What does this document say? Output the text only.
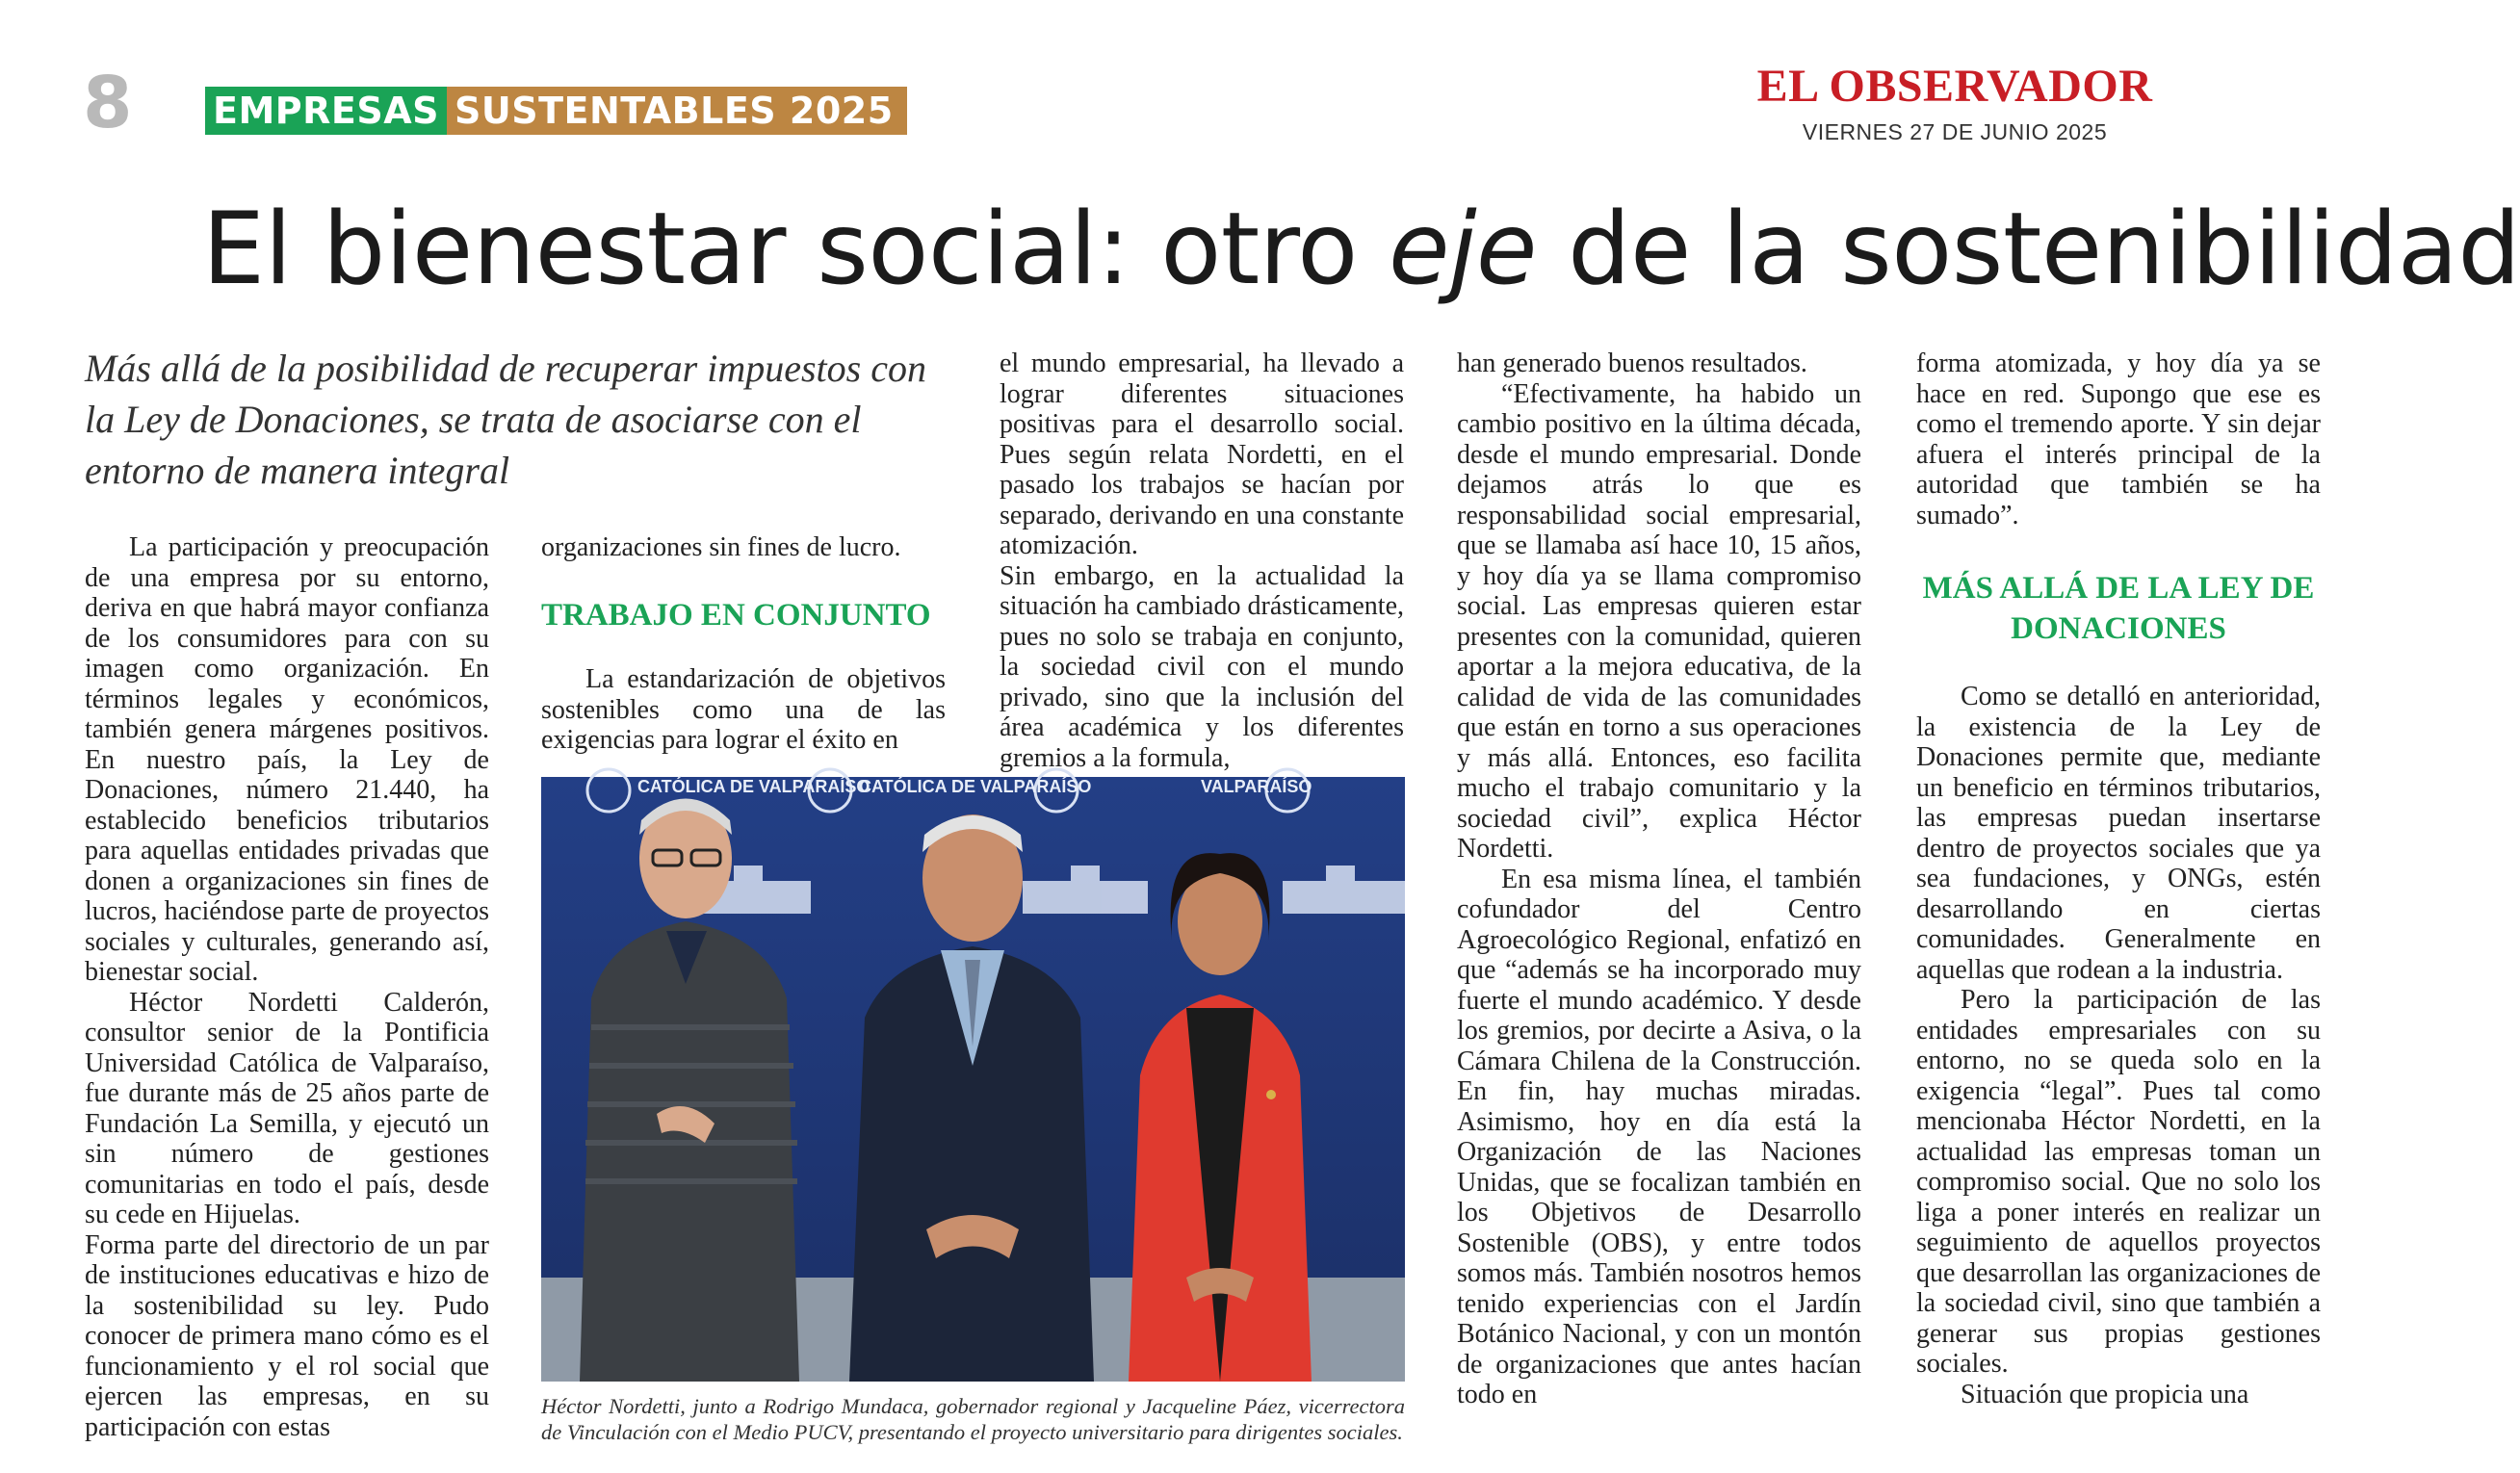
8 EMPRESAS SUSTENTABLES 2025	EL OBSERVADOR
VIERNES 27 DE JUNIO 2025
El bienestar social: otro eje de la sostenibilidad
Más allá de la posibilidad de recuperar impuestos con la Ley de Donaciones, se trata de asociarse con el entorno de manera integral

La participación y preocupación de una empresa por su entorno, deriva en que habrá mayor confianza de los consumidores para con su imagen como organización. En términos legales y económicos, también genera márgenes positivos. En nuestro país, la Ley de Donaciones, número 21.440, ha establecido beneficios tributarios para aquellas entidades privadas que donen a organizaciones sin fines de lucros, haciéndose parte de proyectos sociales y culturales, generando así, bienestar social.

Héctor Nordetti Calderón, consultor senior de la Pontificia Universidad Católica de Valparaíso, fue durante más de 25 años parte de Fundación La Semilla, y ejecutó un sin número de gestiones comunitarias en todo el país, desde su cede en Hijuelas.

Forma parte del directorio de un par de instituciones educativas e hizo de la sostenibilidad su ley. Pudo conocer de primera mano cómo es el funcionamiento y el rol social que ejercen las empresas, en su participación con estas

organizaciones sin fines de lucro.

TRABAJO EN CONJUNTO

La estandarización de objetivos sostenibles como una de las exigencias para lograr el éxito en

el mundo empresarial, ha llevado a lograr diferentes situaciones positivas para el desarrollo social. Pues según relata Nordetti, en el pasado los trabajos se hacían por separado, derivando en una constante atomización.

Sin embargo, en la actualidad la situación ha cambiado drásticamente, pues no solo se trabaja en conjunto, la sociedad civil con el mundo privado, sino que la inclusión del área académica y los diferentes gremios a la formula,

han generado buenos resultados.

“Efectivamente, ha habido un cambio positivo en la última década, desde el mundo empresarial. Donde dejamos atrás lo que es responsabilidad social empresarial, que se llamaba así hace 10, 15 años, y hoy día ya se llama compromiso social. Las empresas quieren estar presentes con la comunidad, quieren aportar a la mejora educativa, de la calidad de vida de las comunidades que están en torno a sus operaciones y más allá. Entonces, eso facilita mucho el trabajo comunitario y la sociedad civil”, explica Héctor Nordetti.

En esa misma línea, el también cofundador del Centro Agroecológico Regional, enfatizó en que “además se ha incorporado muy fuerte el mundo académico. Y desde los gremios, por decirte a Asiva, o la Cámara Chilena de la Construcción. En fin, hay muchas miradas. Asimismo, hoy en día está la Organización de las Naciones Unidas, que se focalizan también en los Objetivos de Desarrollo Sostenible (OBS), y entre todos somos más. También nosotros hemos tenido experiencias con el Jardín Botánico Nacional, y con un montón de organizaciones que antes hacían todo en

forma atomizada, y hoy día ya se hace en red. Supongo que ese es como el tremendo aporte. Y sin dejar afuera el interés principal de la autoridad que también se ha sumado”.

MÁS ALLÁ DE LA LEY DE DONACIONES

Como se detalló en anterioridad, la existencia de la Ley de Donaciones permite que, mediante un beneficio en términos tributarios, las empresas puedan insertarse dentro de proyectos sociales que ya sea fundaciones, y ONGs, estén desarrollando en ciertas comunidades. Generalmente en aquellas que rodean a la industria.

Pero la participación de las entidades empresariales con su entorno, no se queda solo en la exigencia “legal”. Pues tal como mencionaba Héctor Nordetti, en la actualidad las empresas toman un compromiso social. Que no solo los liga a poner interés en realizar un seguimiento de aquellos proyectos que desarrollan las organizaciones de la sociedad civil, sino que también a generar sus propias gestiones sociales.

Situación que propicia una

CATÓLICA DE VALPARAÍSO
CATÓLICA DE VALPARAÍSO	VALPARAÍSO
Héctor Nordetti, junto a Rodrigo Mundaca, gobernador regional y Jacqueline Páez, vicerrectora de Vinculación con el Medio PUCV, presentando el proyecto universitario para dirigentes sociales.
